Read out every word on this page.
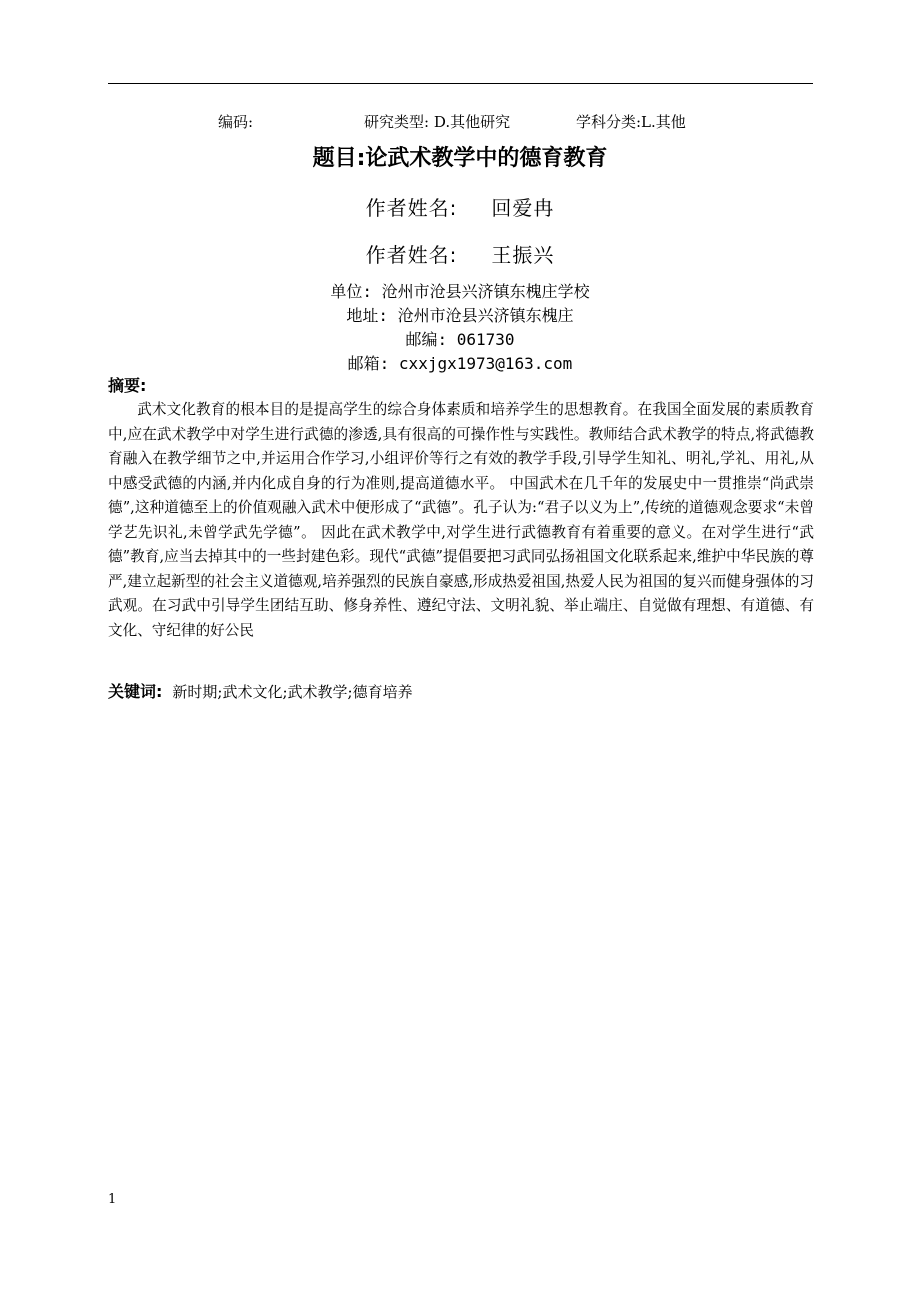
编码:	研究类型: D.其他研究	学科分类:L.其他
题目:论武术教学中的德育教育
作者姓名: 回爱冉
作者姓名: 王振兴
单位: 沧州市沧县兴济镇东槐庄学校
地址: 沧州市沧县兴济镇东槐庄
邮编: 061730
邮箱: cxxjgx1973@163.com
摘要:

武术文化教育的根本目的是提高学生的综合身体素质和培养学生的思想教育。在我国全面发展的素质教育中,应在武术教学中对学生进行武德的渗透,具有很高的可操作性与实践性。教师结合武术教学的特点,将武德教育融入在教学细节之中,并运用合作学习,小组评价等行之有效的教学手段,引导学生知礼、明礼,学礼、用礼,从中感受武德的内涵,并内化成自身的行为准则,提高道德水平。 中国武术在几千年的发展史中一贯推崇“尚武崇德”,这种道德至上的价值观融入武术中便形成了“武德”。孔子认为:“君子以义为上”,传统的道德观念要求“未曾学艺先识礼,未曾学武先学德”。 因此在武术教学中,对学生进行武德教育有着重要的意义。在对学生进行“武德”教育,应当去掉其中的一些封建色彩。现代“武德”提倡要把习武同弘扬祖国文化联系起来,维护中华民族的尊严,建立起新型的社会主义道德观,培养强烈的民族自豪感,形成热爱祖国,热爱人民为祖国的复兴而健身强体的习武观。在习武中引导学生团结互助、修身养性、遵纪守法、文明礼貌、举止端庄、自觉做有理想、有道德、有文化、守纪律的好公民

关键词: 新时期;武术文化;武术教学;德育培养
1
